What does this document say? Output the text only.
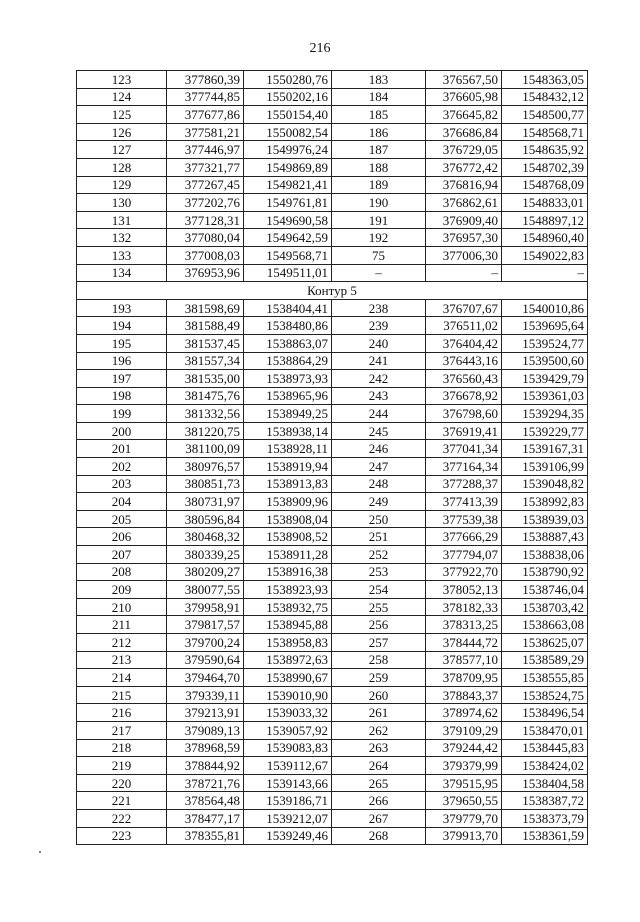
216
123	377860,39	1550280,76	183	376567,50	1548363,05
124	377744,85	1550202,16	184	376605,98	1548432,12
125	377677,86	1550154,40	185	376645,82	1548500,77
126	377581,21	1550082,54	186	376686,84	1548568,71
127	377446,97	1549976,24	187	376729,05	1548635,92
128	377321,77	1549869,89	188	376772,42	1548702,39
129	377267,45	1549821,41	189	376816,94	1548768,09
130	377202,76	1549761,81	190	376862,61	1548833,01
131	377128,31	1549690,58	191	376909,40	1548897,12
132	377080,04	1549642,59	192	376957,30	1548960,40
133	377008,03	1549568,71	75	377006,30	1549022,83
134	376953,96	1549511,01	–	–	–
Контур 5					
193	381598,69	1538404,41	238	376707,67	1540010,86
194	381588,49	1538480,86	239	376511,02	1539695,64
195	381537,45	1538863,07	240	376404,42	1539524,77
196	381557,34	1538864,29	241	376443,16	1539500,60
197	381535,00	1538973,93	242	376560,43	1539429,79
198	381475,76	1538965,96	243	376678,92	1539361,03
199	381332,56	1538949,25	244	376798,60	1539294,35
200	381220,75	1538938,14	245	376919,41	1539229,77
201	381100,09	1538928,11	246	377041,34	1539167,31
202	380976,57	1538919,94	247	377164,34	1539106,99
203	380851,73	1538913,83	248	377288,37	1539048,82
204	380731,97	1538909,96	249	377413,39	1538992,83
205	380596,84	1538908,04	250	377539,38	1538939,03
206	380468,32	1538908,52	251	377666,29	1538887,43
207	380339,25	1538911,28	252	377794,07	1538838,06
208	380209,27	1538916,38	253	377922,70	1538790,92
209	380077,55	1538923,93	254	378052,13	1538746,04
210	379958,91	1538932,75	255	378182,33	1538703,42
211	379817,57	1538945,88	256	378313,25	1538663,08
212	379700,24	1538958,83	257	378444,72	1538625,07
213	379590,64	1538972,63	258	378577,10	1538589,29
214	379464,70	1538990,67	259	378709,95	1538555,85
215	379339,11	1539010,90	260	378843,37	1538524,75
216	379213,91	1539033,32	261	378974,62	1538496,54
217	379089,13	1539057,92	262	379109,29	1538470,01
218	378968,59	1539083,83	263	379244,42	1538445,83
219	378844,92	1539112,67	264	379379,99	1538424,02
220	378721,76	1539143,66	265	379515,95	1538404,58
221	378564,48	1539186,71	266	379650,55	1538387,72
222	378477,17	1539212,07	267	379779,70	1538373,79
223	378355,81	1539249,46	268	379913,70	1538361,59
